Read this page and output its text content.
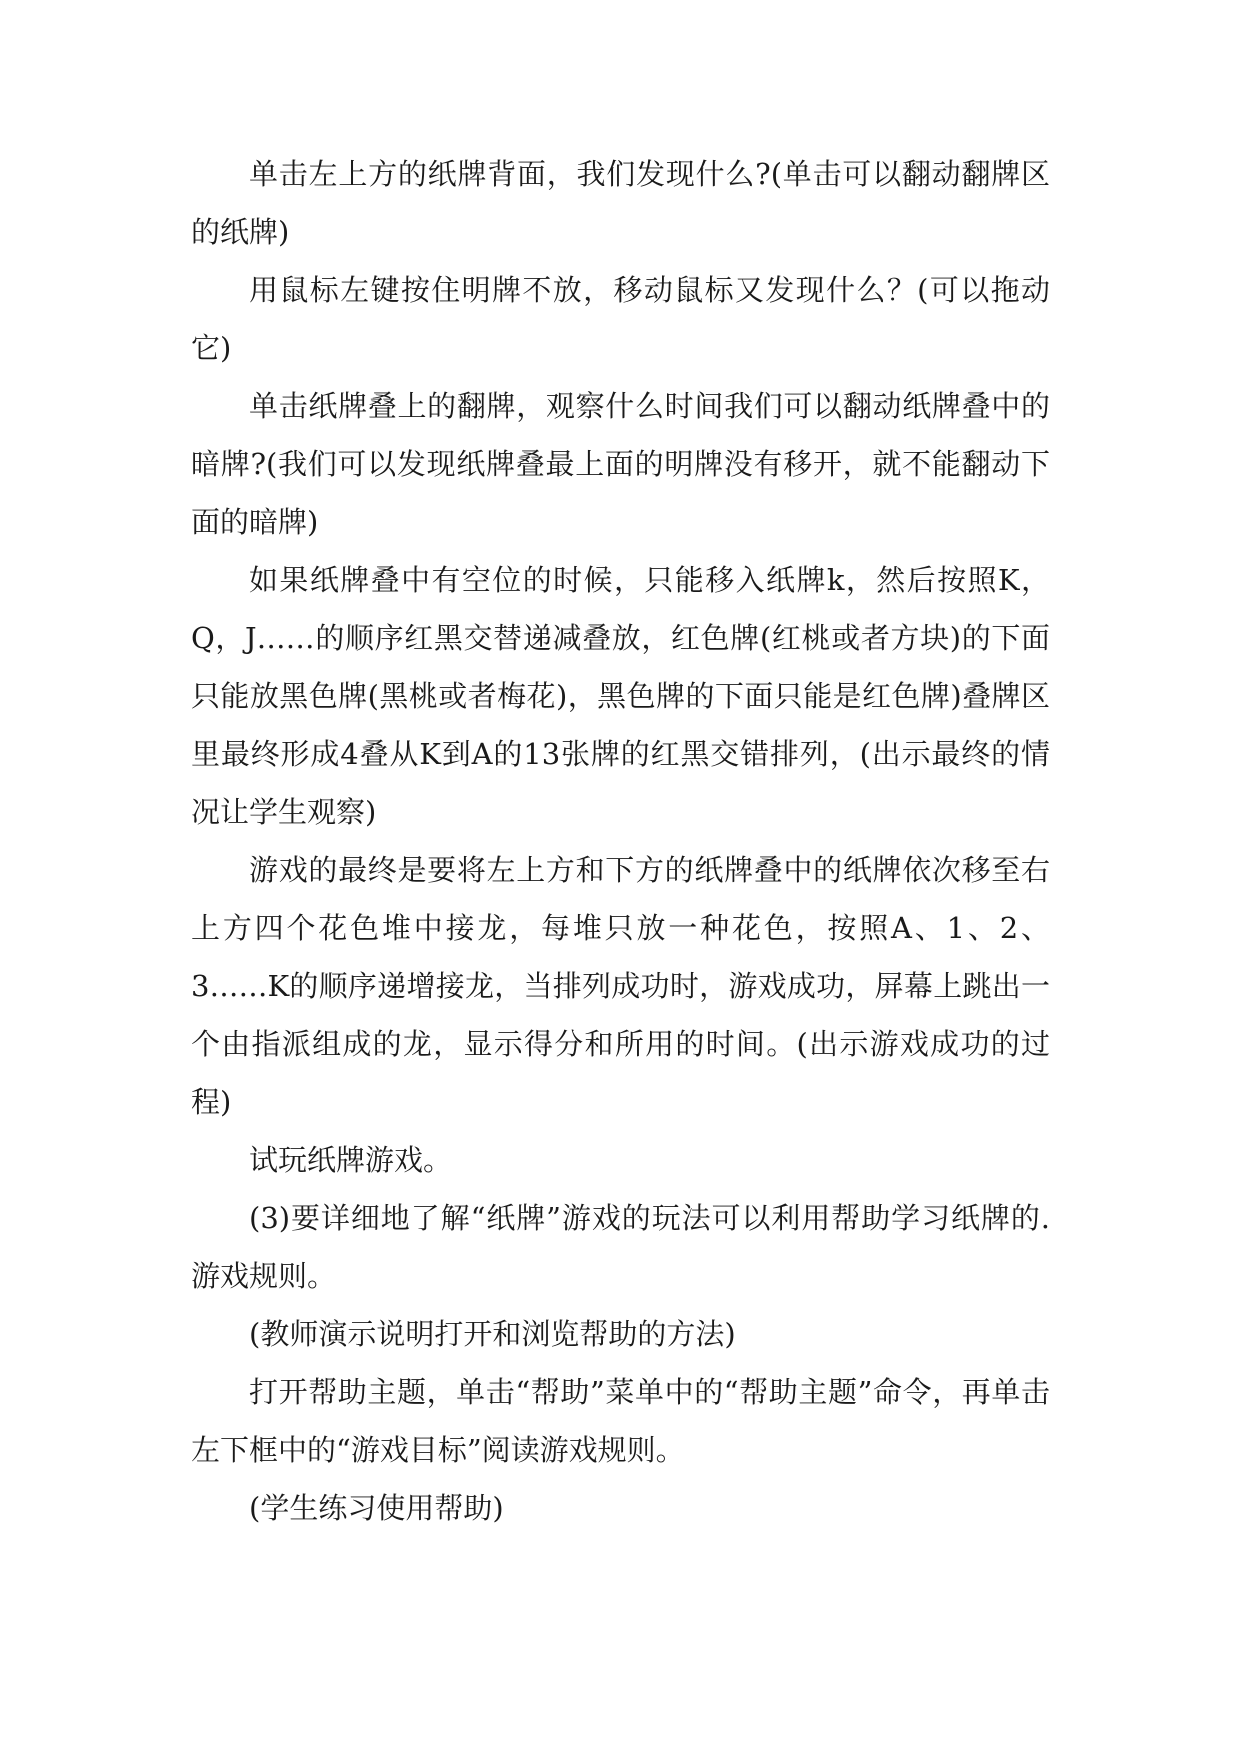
单击左上方的纸牌背面，我们发现什么?(单击可以翻动翻牌区的纸牌)

用鼠标左键按住明牌不放，移动鼠标又发现什么？(可以拖动它)

单击纸牌叠上的翻牌，观察什么时间我们可以翻动纸牌叠中的暗牌?(我们可以发现纸牌叠最上面的明牌没有移开，就不能翻动下面的暗牌)

如果纸牌叠中有空位的时候，只能移入纸牌k，然后按照K，Q，J……的顺序红黑交替递减叠放，红色牌(红桃或者方块)的下面只能放黑色牌(黑桃或者梅花)，黑色牌的下面只能是红色牌)叠牌区里最终形成4叠从K到A的13张牌的红黑交错排列，(出示最终的情况让学生观察)

游戏的最终是要将左上方和下方的纸牌叠中的纸牌依次移至右上方四个花色堆中接龙，每堆只放一种花色，按照A、1、2、3……K的顺序递增接龙，当排列成功时，游戏成功，屏幕上跳出一个由指派组成的龙，显示得分和所用的时间。(出示游戏成功的过程)

试玩纸牌游戏。

(3)要详细地了解“纸牌”游戏的玩法可以利用帮助学习纸牌的.游戏规则。

(教师演示说明打开和浏览帮助的方法)

打开帮助主题，单击“帮助”菜单中的“帮助主题”命令，再单击左下框中的“游戏目标”阅读游戏规则。

(学生练习使用帮助)
